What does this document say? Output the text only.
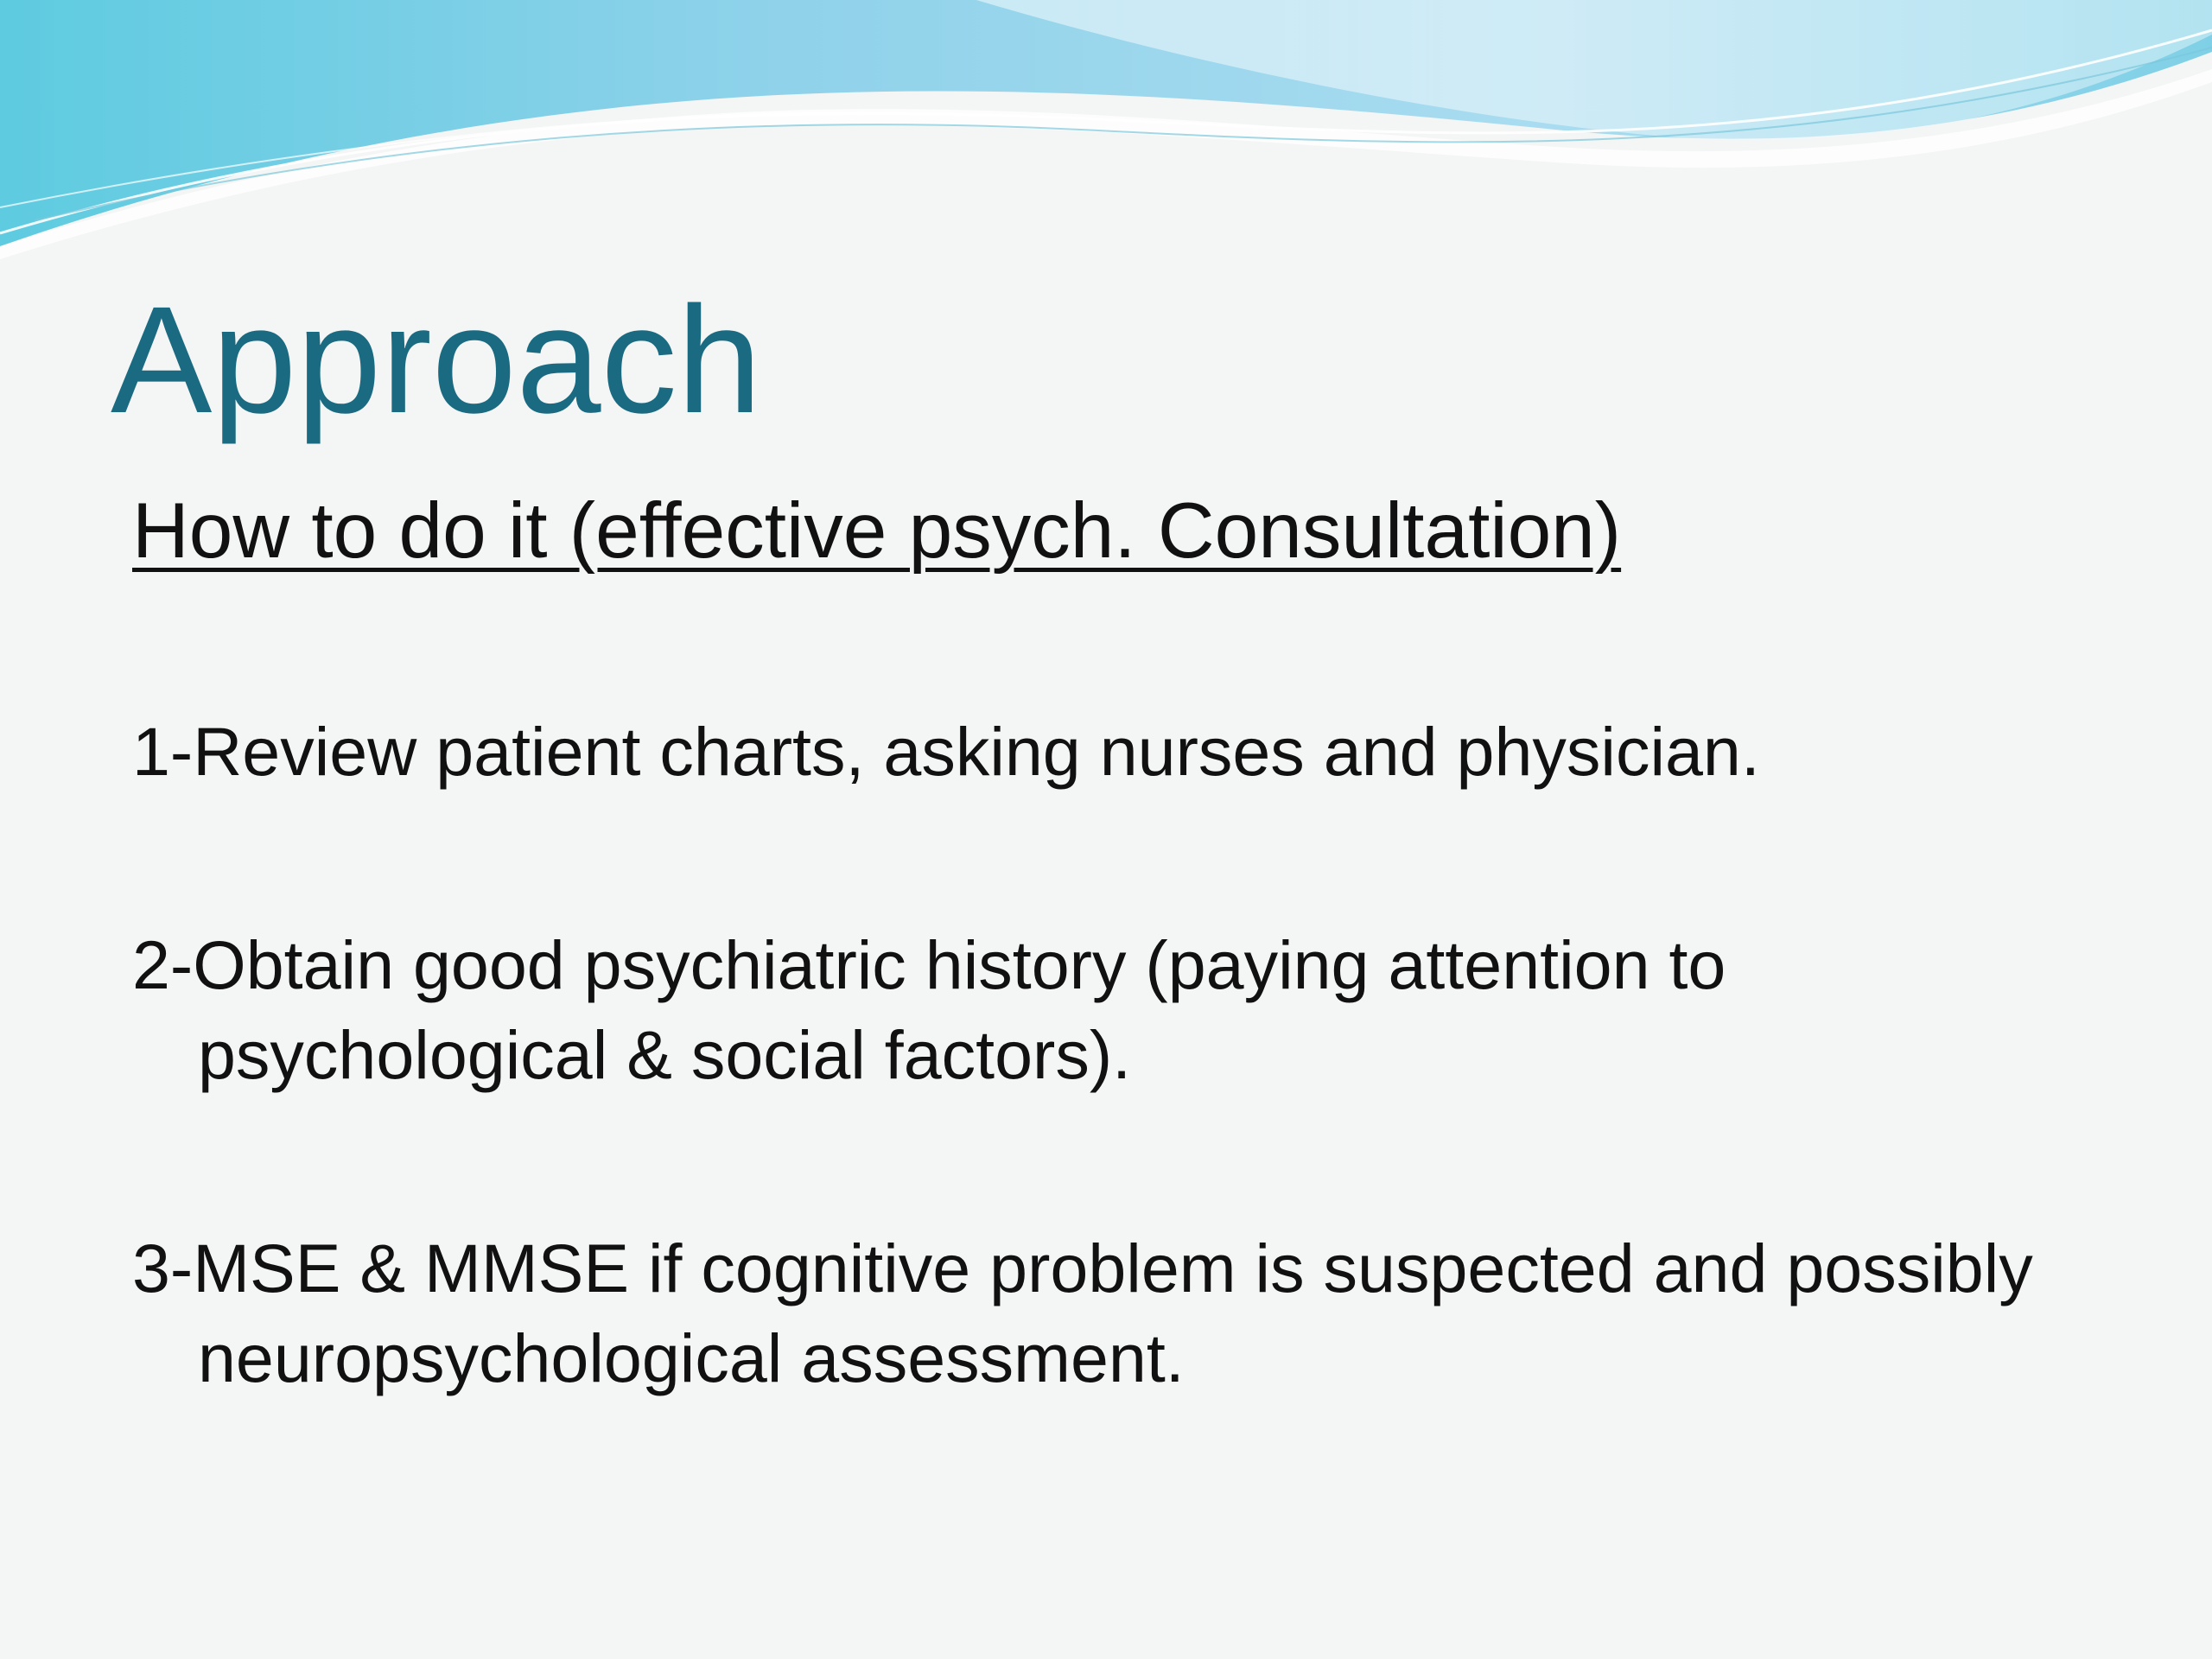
Approach
How to do it (effective psych. Consultation)
1-Review patient charts, asking nurses and physician.
2-Obtain good psychiatric history (paying attention to psychological & social factors).
3-MSE & MMSE if cognitive problem is suspected and possibly neuropsychological assessment.
